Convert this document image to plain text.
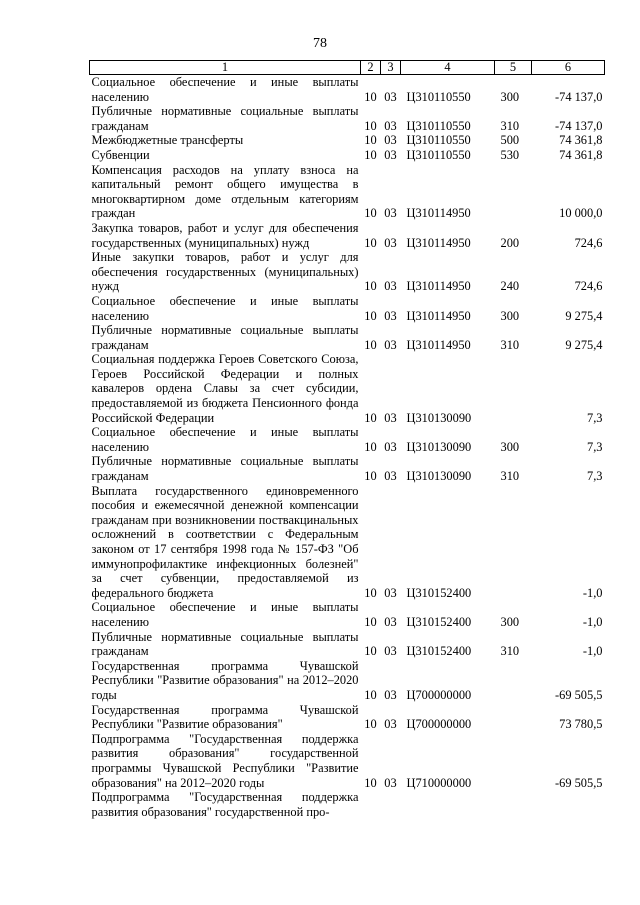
78
1	2	3	4	5	6
Социальное обеспечение и иные выплаты населению	10	03	Ц310110550	300	-74 137,0
Публичные нормативные социальные выплаты гражданам	10	03	Ц310110550	310	-74 137,0
Межбюджетные трансферты	10	03	Ц310110550	500	74 361,8
Субвенции	10	03	Ц310110550	530	74 361,8
Компенсация расходов на уплату взноса на капитальный ремонт общего имущества в многоквартирном доме отдельным категориям граждан	10	03	Ц310114950		10 000,0
Закупка товаров, работ и услуг для обеспечения государственных (муниципальных) нужд	10	03	Ц310114950	200	724,6
Иные закупки товаров, работ и услуг для обеспечения государственных (муниципальных) нужд	10	03	Ц310114950	240	724,6
Социальное обеспечение и иные выплаты населению	10	03	Ц310114950	300	9 275,4
Публичные нормативные социальные выплаты гражданам	10	03	Ц310114950	310	9 275,4
Социальная поддержка Героев Советского Союза, Героев Российской Федерации и полных кавалеров ордена Славы за счет субсидии, предоставляемой из бюджета Пенсионного фонда Российской Федерации	10	03	Ц310130090		7,3
Социальное обеспечение и иные выплаты населению	10	03	Ц310130090	300	7,3
Публичные нормативные социальные выплаты гражданам	10	03	Ц310130090	310	7,3
Выплата государственного единовременного пособия и ежемесячной денежной компенсации гражданам при возникновении поствакцинальных осложнений в соответствии с Федеральным законом от 17 сентября 1998 года № 157-ФЗ "Об иммунопрофилактике инфекционных болезней" за счет субвенции, предоставляемой из федерального бюджета	10	03	Ц310152400		-1,0
Социальное обеспечение и иные выплаты населению	10	03	Ц310152400	300	-1,0
Публичные нормативные социальные выплаты гражданам	10	03	Ц310152400	310	-1,0
Государственная программа Чувашской Республики "Развитие образования" на 2012–2020 годы	10	03	Ц700000000		-69 505,5
Государственная программа Чувашской Республики "Развитие образования"	10	03	Ц700000000		73 780,5
Подпрограмма "Государственная поддержка развития образования" государственной программы Чувашской Республики "Развитие образования" на 2012–2020 годы	10	03	Ц710000000		-69 505,5
Подпрограмма "Государственная поддержка развития образования" государственной про-					
